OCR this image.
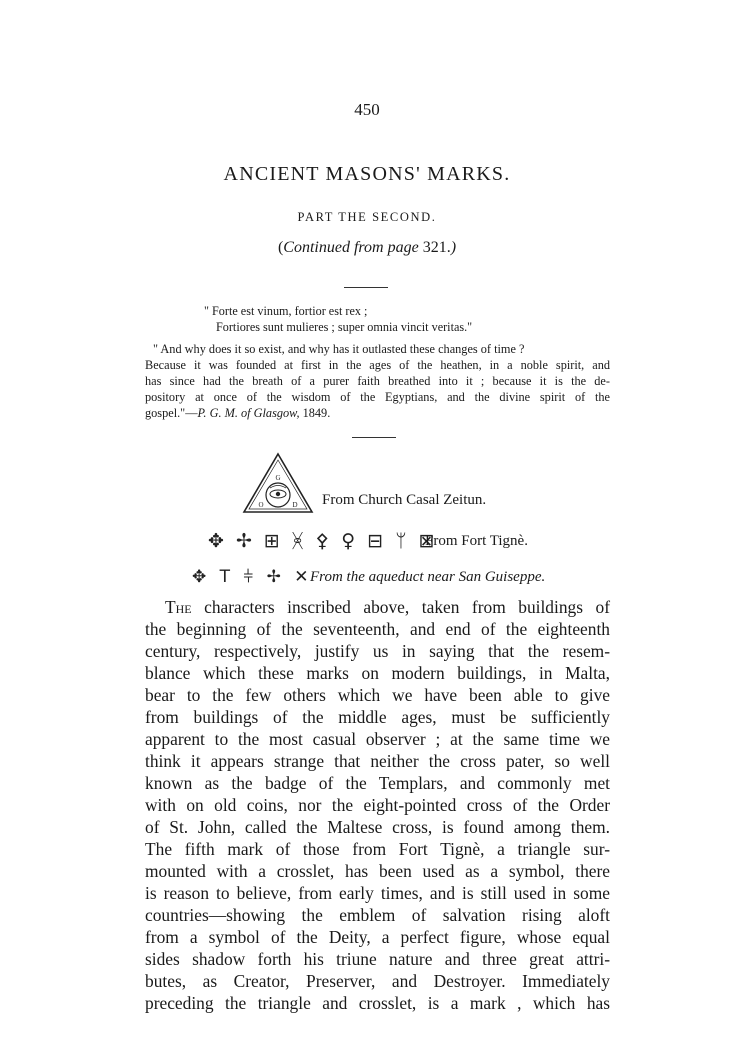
450
ANCIENT MASONS' MARKS.
PART THE SECOND.
(Continued from page 321.)
" Forte est vinum, fortior est rex ;
Fortiores sunt mulieres ; super omnia vincit veritas."
" And why does it so exist, and why has it outlasted these changes of time ?
Because it was founded at first in the ages of the heathen, in a noble spirit, and
has since had the breath of a purer faith breathed into it ; because it is the de-
pository at once of the wisdom of the Egyptians, and the divine spirit of the
gospel."—P. G. M. of Glasgow, 1849.
G
O	D From Church Casal Zeitun.
✥ ✢ ⊞ ᚸ ⚴ ♀ ⊟ ᛘ ⊠
From Fort Tignè.
✥ T ⫩ ✢ ✕
From the aqueduct near San Guiseppe.
The characters inscribed above, taken from buildings of
the beginning of the seventeenth, and end of the eighteenth
century, respectively, justify us in saying that the resem-
blance which these marks on modern buildings, in Malta,
bear to the few others which we have been able to give
from buildings of the middle ages, must be sufficiently
apparent to the most casual observer ; at the same time we
think it appears strange that neither the cross pater, so well
known as the badge of the Templars, and commonly met
with on old coins, nor the eight-pointed cross of the Order
of St. John, called the Maltese cross, is found among them.
The fifth mark of those from Fort Tignè, a triangle sur-
mounted with a crosslet, has been used as a symbol, there
is reason to believe, from early times, and is still used in some
countries—showing the emblem of salvation rising aloft
from a symbol of the Deity, a perfect figure, whose equal
sides shadow forth his triune nature and three great attri-
butes, as Creator, Preserver, and Destroyer. Immediately
preceding the triangle and crosslet, is a mark , which has
